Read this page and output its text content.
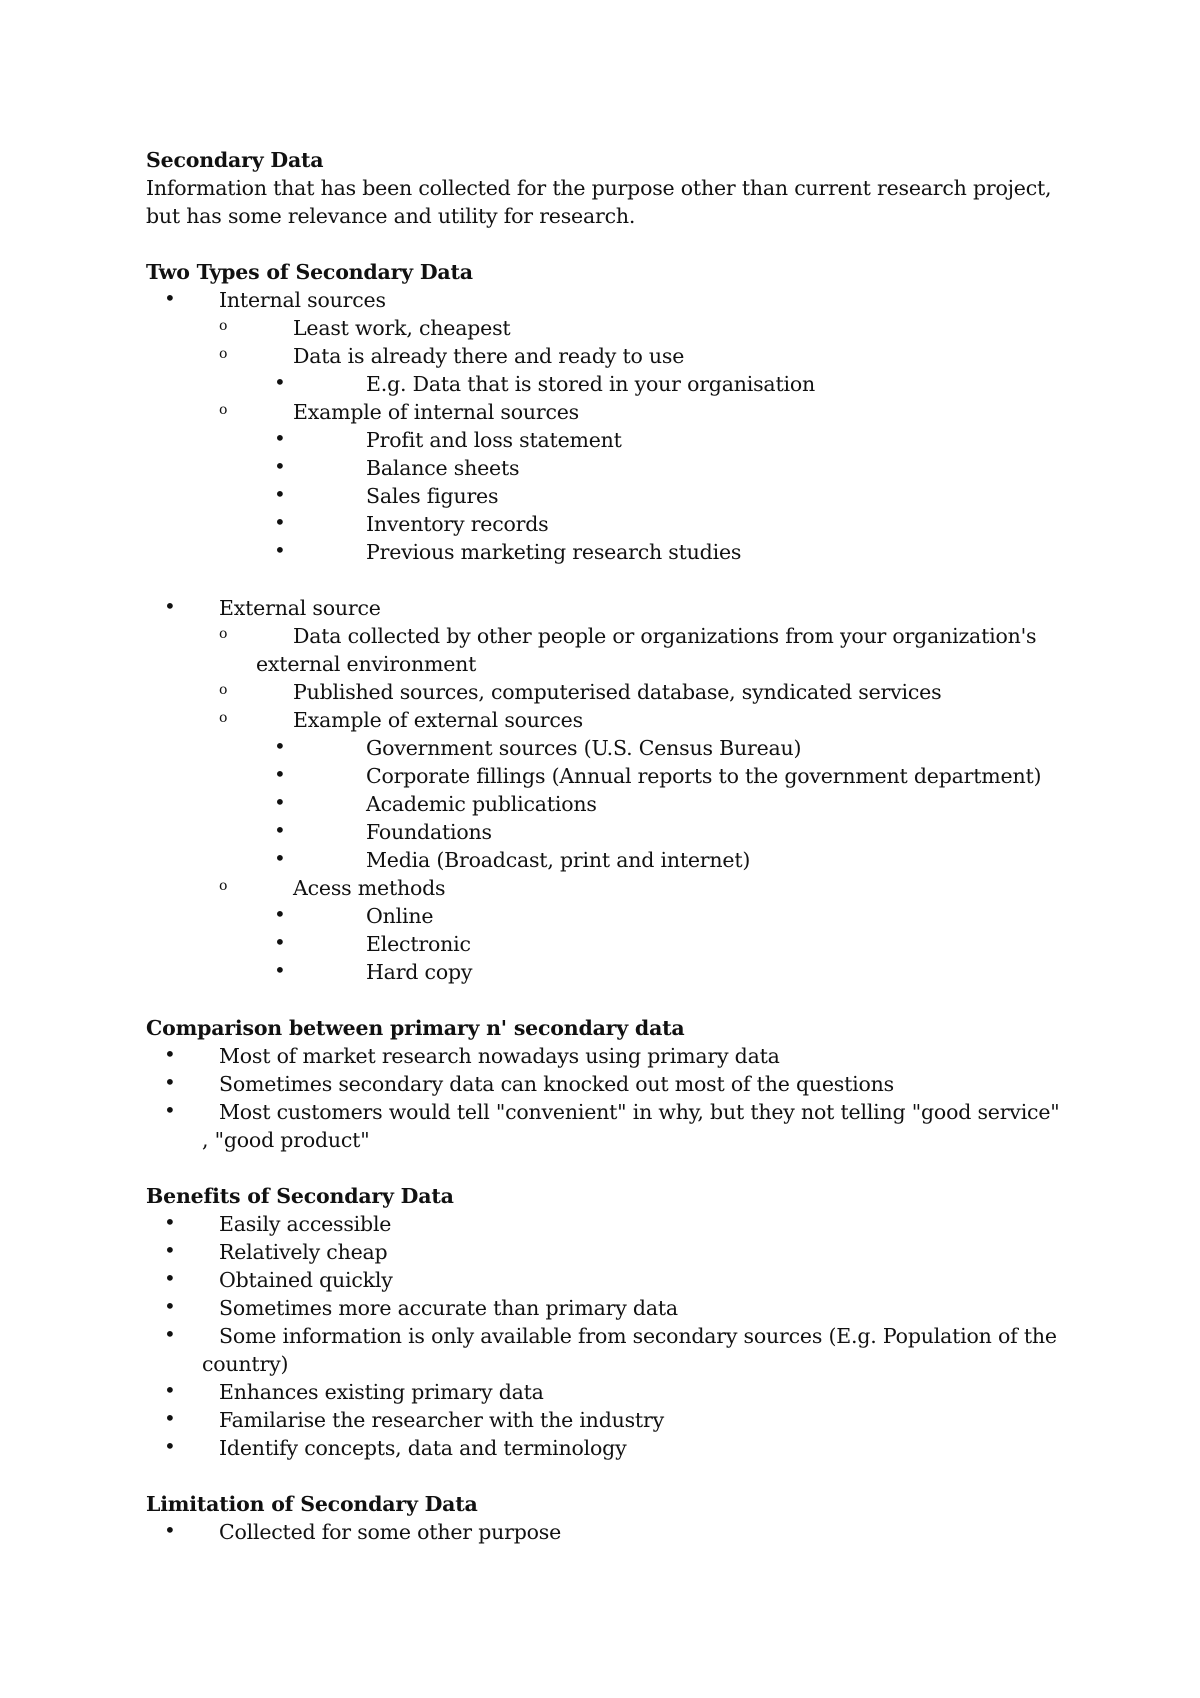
Secondary Data

Information that has been collected for the purpose other than current research project, but has some relevance and utility for research.

Two Types of Secondary Data

• Internal sources
o	Least work, cheapest
o	Data is already there and ready to use
•	E.g. Data that is stored in your organisation
o	Example of internal sources
•	Profit and loss statement
•	Balance sheets
•	Sales figures
•	Inventory records
•	Previous marketing research studies
• External source
o	Data collected by other people or organizations from your organization's external environment
o	Published sources, computerised database, syndicated services
o	Example of external sources
•	Government sources (U.S. Census Bureau)
•	Corporate fillings (Annual reports to the government department)
•	Academic publications
•	Foundations
•	Media (Broadcast, print and internet)
o	Acess methods
•	Online
•	Electronic
•	Hard copy

Comparison between primary n' secondary data

• Most of market research nowadays using primary data
• Sometimes secondary data can knocked out most of the questions
• Most customers would tell "convenient" in why, but they not telling "good service" , "good product"

Benefits of Secondary Data

• Easily accessible
• Relatively cheap
• Obtained quickly
• Sometimes more accurate than primary data
• Some information is only available from secondary sources (E.g. Population of the country)
• Enhances existing primary data
• Familarise the researcher with the industry
• Identify concepts, data and terminology

Limitation of Secondary Data

• Collected for some other purpose
